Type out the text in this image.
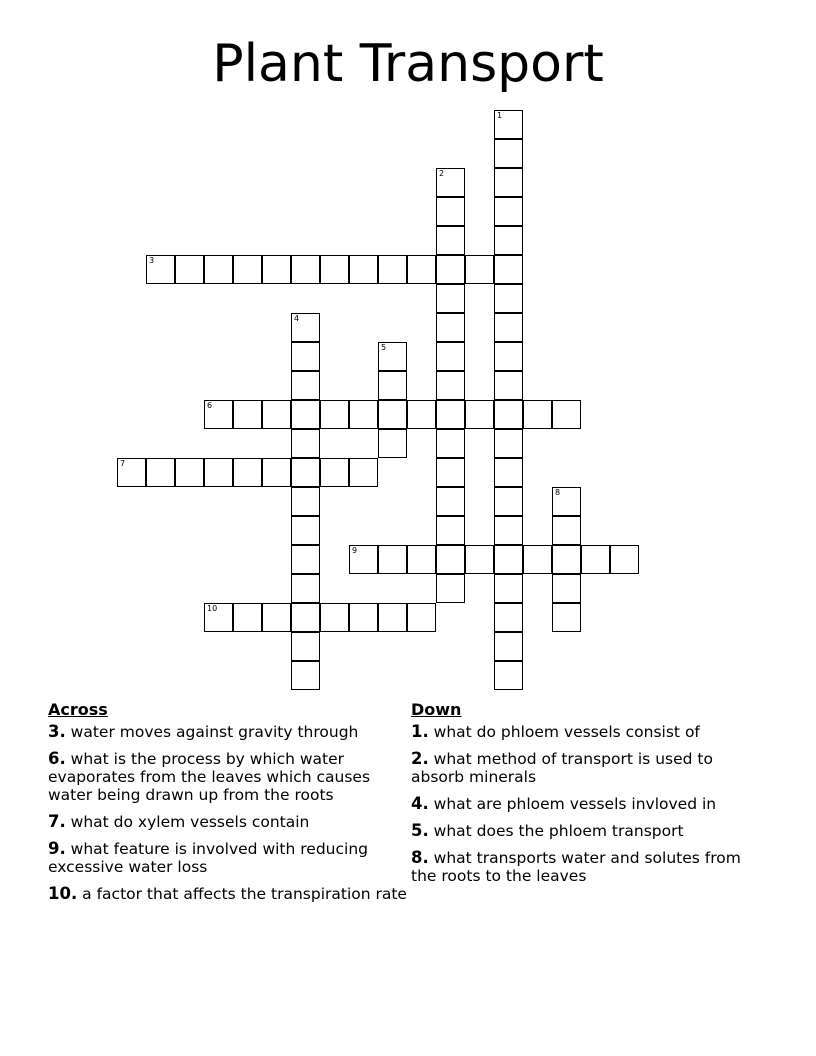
Plant Transport
1
2
3
4
5
6
7
8
9
10
Across
3. water moves against gravity through
6. what is the process by which water evaporates from the leaves which causes water being drawn up from the roots
7. what do xylem vessels contain
9. what feature is involved with reducing excessive water loss
10. a factor that affects the transpiration rate
Down
1. what do phloem vessels consist of
2. what method of transport is used to absorb minerals
4. what are phloem vessels invloved in
5. what does the phloem transport
8. what transports water and solutes from the roots to the leaves
